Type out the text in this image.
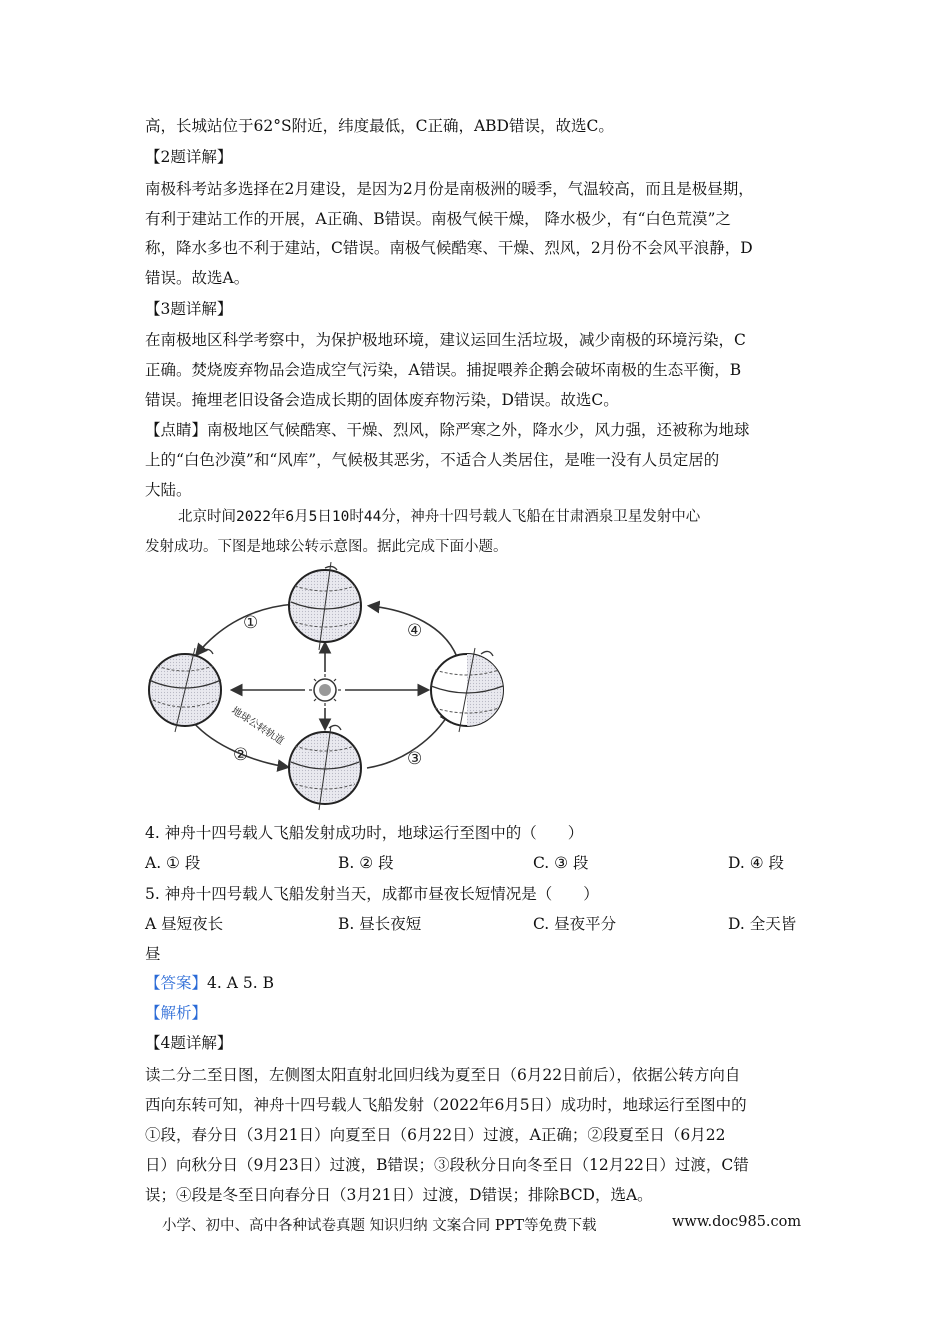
高，长城站位于62°S附近，纬度最低，C正确，ABD错误，故选C。
【2题详解】
南极科考站多选择在2月建设，是因为2月份是南极洲的暖季，气温较高，而且是极昼期，
有利于建站工作的开展，A正确、B错误。南极气候干燥， 降水极少，有“白色荒漠”之
称，降水多也不利于建站，C错误。南极气候酷寒、干燥、烈风，2月份不会风平浪静，D
错误。故选A。
【3题详解】
在南极地区科学考察中，为保护极地环境，建议运回生活垃圾，减少南极的环境污染，C
正确。焚烧废弃物品会造成空气污染，A错误。捕捉喂养企鹅会破坏南极的生态平衡，B
错误。掩埋老旧设备会造成长期的固体废弃物污染，D错误。故选C。
【点睛】南极地区气候酷寒、干燥、烈风，除严寒之外，降水少，风力强，还被称为地球
上的“白色沙漠”和“风库”，气候极其恶劣，不适合人类居住，是唯一没有人员定居的
大陆。
北京时间2022年6月5日10时44分，神舟十四号载人飞船在甘肃酒泉卫星发射中心
发射成功。下图是地球公转示意图。据此完成下面小题。
①
②	③
④
地球公转轨道
4. 神舟十四号载人飞船发射成功时，地球运行至图中的（　　）
A. ① 段	B. ② 段	C. ③ 段	D. ④ 段
5. 神舟十四号载人飞船发射当天，成都市昼夜长短情况是（　　）
A 昼短夜长	B. 昼长夜短	C. 昼夜平分	D. 全天皆
昼
【答案】4. A 5. B
【解析】
【4题详解】
读二分二至日图，左侧图太阳直射北回归线为夏至日（6月22日前后），依据公转方向自
西向东转可知，神舟十四号载人飞船发射（2022年6月5日）成功时，地球运行至图中的
①段，春分日（3月21日）向夏至日（6月22日）过渡，A正确；②段夏至日（6月22
日）向秋分日（9月23日）过渡，B错误；③段秋分日向冬至日（12月22日）过渡，C错
误；④段是冬至日向春分日（3月21日）过渡，D错误；排除BCD，选A。
小学、初中、高中各种试卷真题 知识归纳 文案合同 PPT等免费下载	www.doc985.com
